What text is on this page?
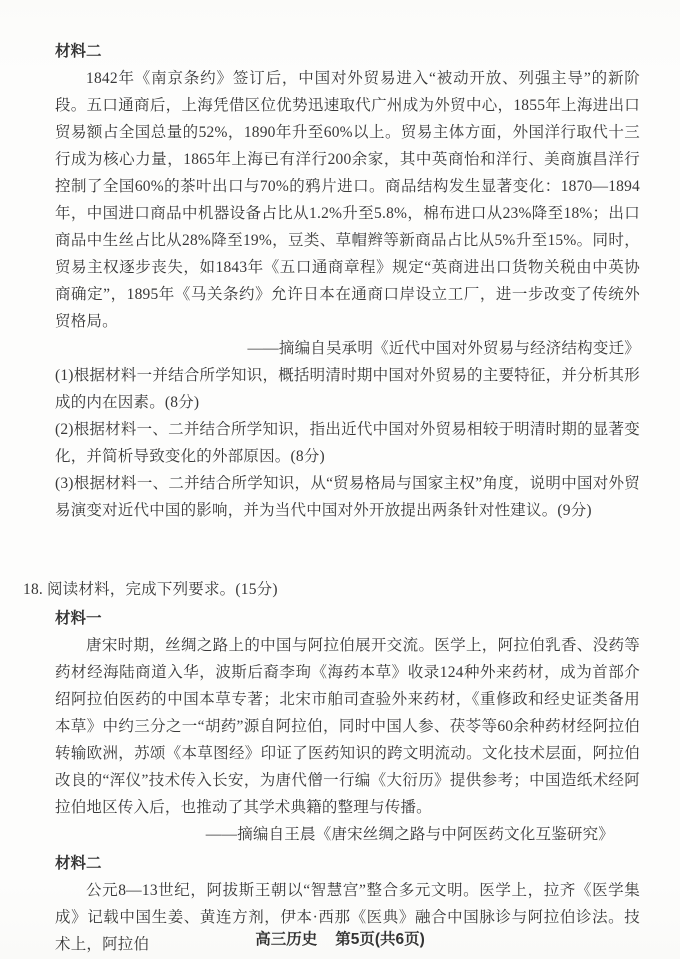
材料二
1842年《南京条约》签订后，中国对外贸易进入“被动开放、列强主导”的新阶段。五口通商后，上海凭借区位优势迅速取代广州成为外贸中心，1855年上海进出口贸易额占全国总量的52%，1890年升至60%以上。贸易主体方面，外国洋行取代十三行成为核心力量，1865年上海已有洋行200余家，其中英商怡和洋行、美商旗昌洋行控制了全国60%的茶叶出口与70%的鸦片进口。商品结构发生显著变化：1870—1894年，中国进口商品中机器设备占比从1.2%升至5.8%，棉布进口从23%降至18%；出口商品中生丝占比从28%降至19%，豆类、草帽辫等新商品占比从5%升至15%。同时，贸易主权逐步丧失，如1843年《五口通商章程》规定“英商进出口货物关税由中英协商确定”，1895年《马关条约》允许日本在通商口岸设立工厂，进一步改变了传统外贸格局。
——摘编自吴承明《近代中国对外贸易与经济结构变迁》
(1)根据材料一并结合所学知识，概括明清时期中国对外贸易的主要特征，并分析其形成的内在因素。(8分)
(2)根据材料一、二并结合所学知识，指出近代中国对外贸易相较于明清时期的显著变化，并简析导致变化的外部原因。(8分)
(3)根据材料一、二并结合所学知识，从“贸易格局与国家主权”角度，说明中国对外贸易演变对近代中国的影响，并为当代中国对外开放提出两条针对性建议。(9分)
18. 阅读材料，完成下列要求。(15分)
材料一
唐宋时期，丝绸之路上的中国与阿拉伯展开交流。医学上，阿拉伯乳香、没药等药材经海陆商道入华，波斯后裔李珣《海药本草》收录124种外来药材，成为首部介绍阿拉伯医药的中国本草专著；北宋市舶司查验外来药材，《重修政和经史证类备用本草》中约三分之一“胡药”源自阿拉伯，同时中国人参、茯苓等60余种药材经阿拉伯转输欧洲，苏颂《本草图经》印证了医药知识的跨文明流动。文化技术层面，阿拉伯改良的“浑仪”技术传入长安，为唐代僧一行编《大衍历》提供参考；中国造纸术经阿拉伯地区传入后，也推动了其学术典籍的整理与传播。
——摘编自王晨《唐宋丝绸之路与中阿医药文化互鉴研究》
材料二
公元8—13世纪，阿拔斯王朝以“智慧宫”整合多元文明。医学上，拉齐《医学集成》记载中国生姜、黄连方剂，伊本·西那《医典》融合中国脉诊与阿拉伯诊法。技术上，阿拉伯	高三历史 第5页(共6页)
